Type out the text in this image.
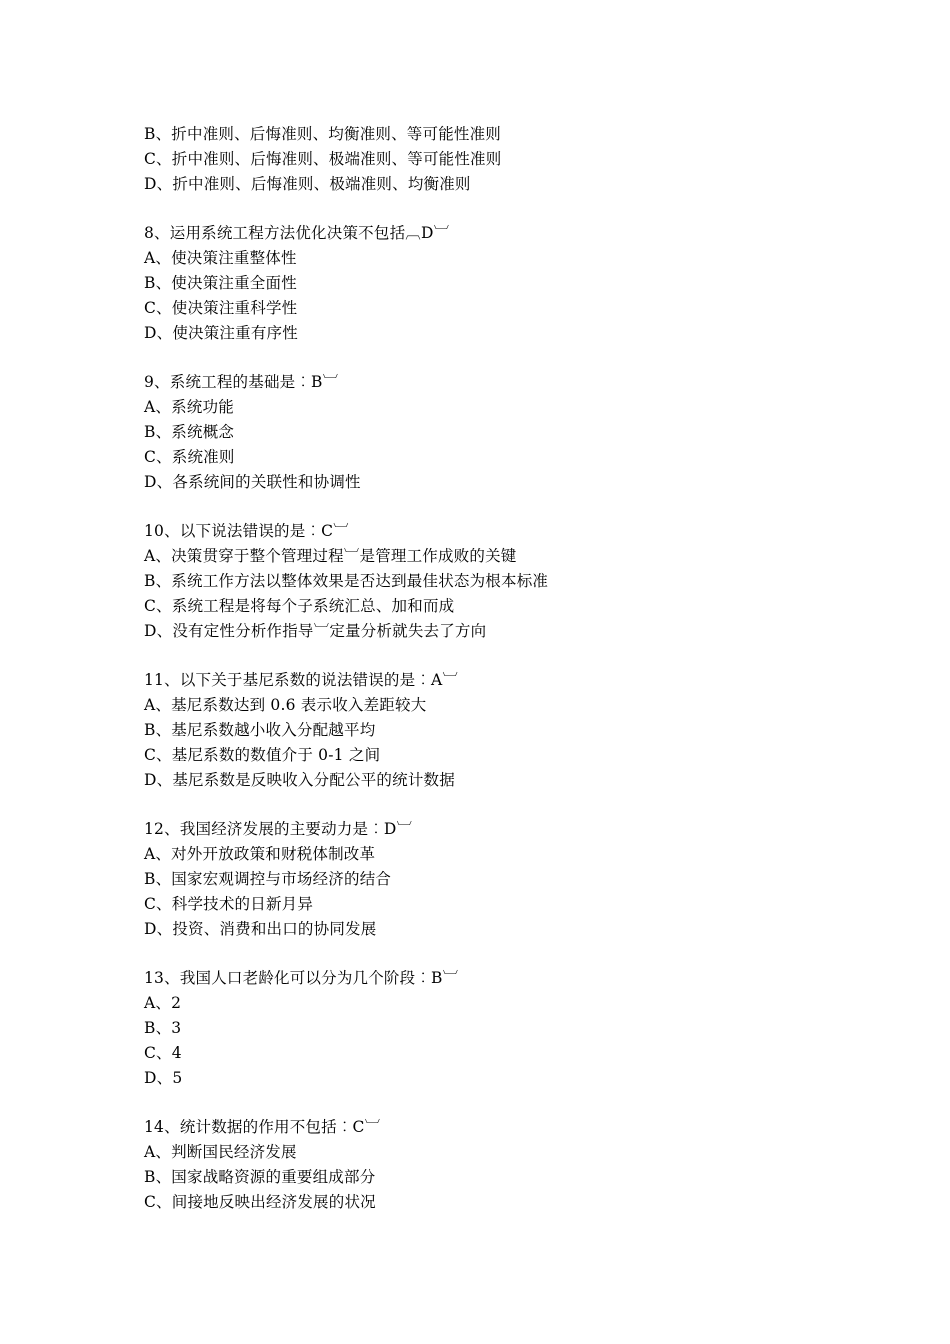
B、折中准则、后悔准则、均衡准则、等可能性准则
C、折中准则、后悔准则、极端准则、等可能性准则
D、折中准则、后悔准则、极端准则、均衡准则
8、运用系统工程方法优化决策不包括︹D︺
A、使决策注重整体性
B、使决策注重全面性
C、使决策注重科学性
D、使决策注重有序性
9、系统工程的基础是︰B︺
A、系统功能
B、系统概念
C、系统准则
D、各系统间的关联性和协调性
10、以下说法错误的是︰C︺
A、决策贯穿于整个管理过程︺是管理工作成败的关键
B、系统工作方法以整体效果是否达到最佳状态为根本标准
C、系统工程是将每个子系统汇总、加和而成
D、没有定性分析作指导︺定量分析就失去了方向
11、以下关于基尼系数的说法错误的是︰A︺
A、基尼系数达到 0.6 表示收入差距较大
B、基尼系数越小收入分配越平均
C、基尼系数的数值介于 0-1 之间
D、基尼系数是反映收入分配公平的统计数据
12、我国经济发展的主要动力是︰D︺
A、对外开放政策和财税体制改革
B、国家宏观调控与市场经济的结合
C、科学技术的日新月异
D、投资、消费和出口的协同发展
13、我国人口老龄化可以分为几个阶段︰B︺
A、2
B、3
C、4
D、5
14、统计数据的作用不包括︰C︺
A、判断国民经济发展
B、国家战略资源的重要组成部分
C、间接地反映出经济发展的状况
